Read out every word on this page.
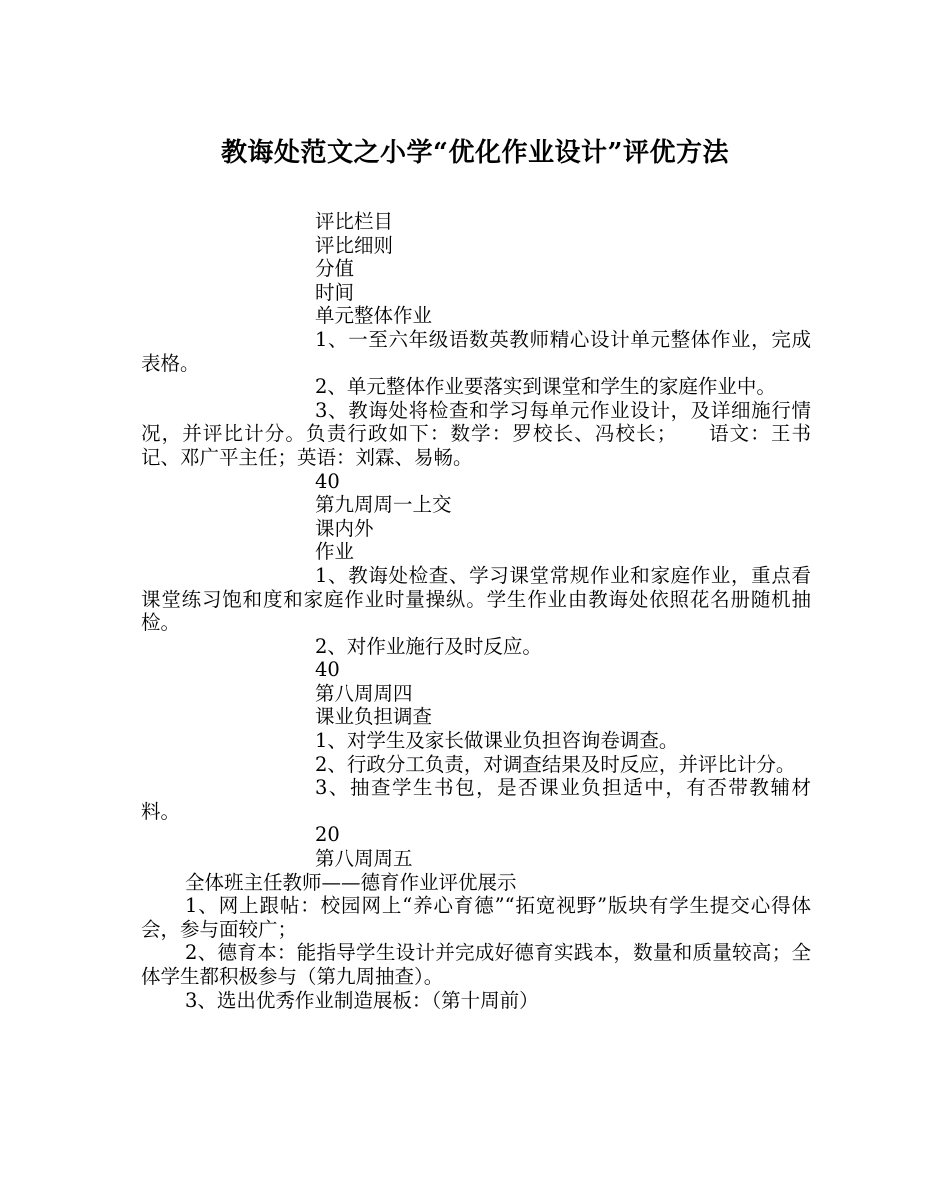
教诲处范文之小学“优化作业设计”评优方法

评比栏目

评比细则

分值

时间

单元整体作业

1、一至六年级语数英教师精心设计单元整体作业，完成表格。

2、单元整体作业要落实到课堂和学生的家庭作业中。

3、教诲处将检查和学习每单元作业设计，及详细施行情况，并评比计分。负责行政如下：数学：罗校长、冯校长；　　语文：王书记、邓广平主任；英语：刘霖、易畅。

40

第九周周一上交

课内外

作业

1、教诲处检查、学习课堂常规作业和家庭作业，重点看课堂练习饱和度和家庭作业时量操纵。学生作业由教诲处依照花名册随机抽检。

2、对作业施行及时反应。

40

第八周周四

课业负担调查

1、对学生及家长做课业负担咨询卷调查。

2、行政分工负责，对调查结果及时反应，并评比计分。

3、抽查学生书包，是否课业负担适中，有否带教辅材料。

20

第八周周五

全体班主任教师——德育作业评优展示

1、网上跟帖：校园网上“养心育德”“拓宽视野”版块有学生提交心得体会，参与面较广；

2、德育本：能指导学生设计并完成好德育实践本，数量和质量较高；全体学生都积极参与（第九周抽查）。

3、选出优秀作业制造展板：（第十周前）
